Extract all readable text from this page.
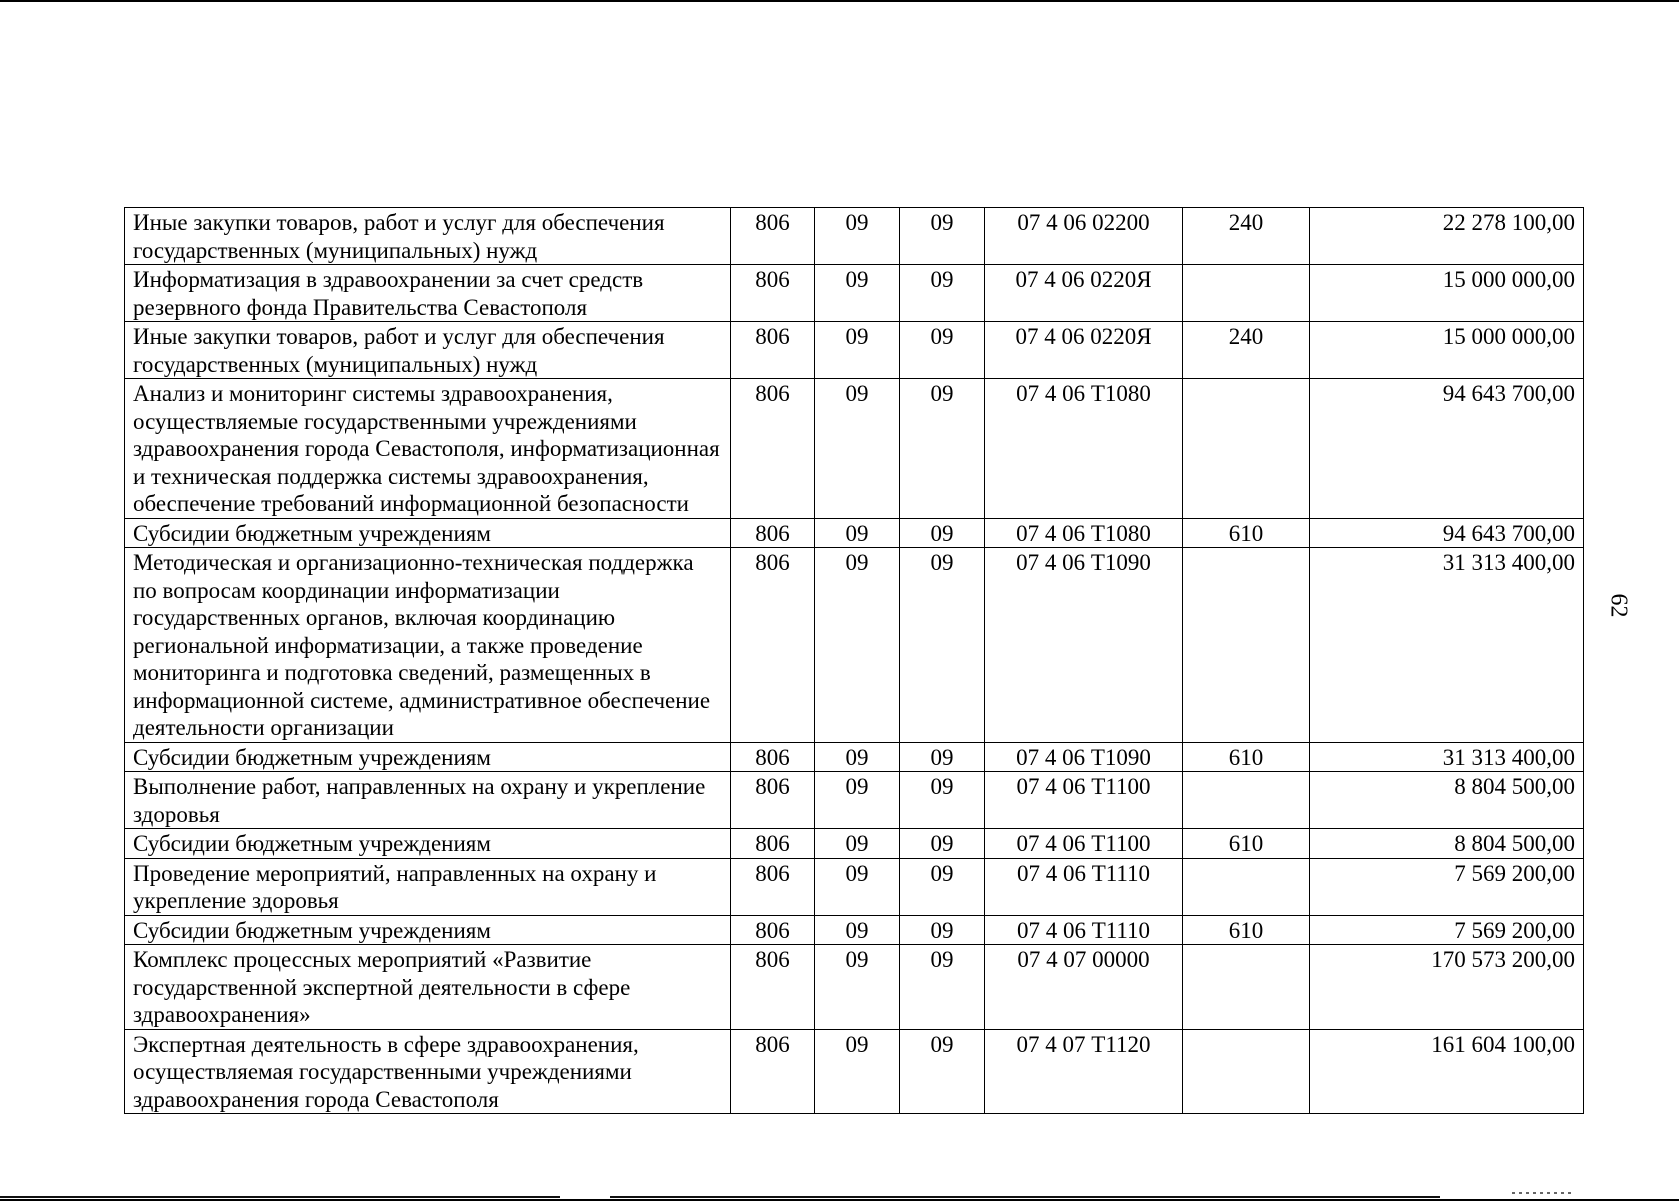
62
Иные закупки товаров, работ и услуг для обеспечения государственных (муниципальных) нужд	806	09	09	07 4 06 02200	240	22 278 100,00
Информатизация в здравоохранении за счет средств резервного фонда Правительства Севастополя	806	09	09	07 4 06 0220Я		15 000 000,00
Иные закупки товаров, работ и услуг для обеспечения государственных (муниципальных) нужд	806	09	09	07 4 06 0220Я	240	15 000 000,00
Анализ и мониторинг системы здравоохранения, осуществляемые государственными учреждениями здравоохранения города Севастополя, информатизационная и техническая поддержка системы здравоохранения, обеспечение требований информационной безопасности	806	09	09	07 4 06 Т1080		94 643 700,00
Субсидии бюджетным учреждениям	806	09	09	07 4 06 Т1080	610	94 643 700,00
Методическая и организационно-техническая поддержка по вопросам координации информатизации государственных органов, включая координацию региональной информатизации, а также проведение мониторинга и подготовка сведений, размещенных в информационной системе, административное обеспечение деятельности организации	806	09	09	07 4 06 Т1090		31 313 400,00
Субсидии бюджетным учреждениям	806	09	09	07 4 06 Т1090	610	31 313 400,00
Выполнение работ, направленных на охрану и укрепление здоровья	806	09	09	07 4 06 Т1100		8 804 500,00
Субсидии бюджетным учреждениям	806	09	09	07 4 06 Т1100	610	8 804 500,00
Проведение мероприятий, направленных на охрану и укрепление здоровья	806	09	09	07 4 06 Т1110		7 569 200,00
Субсидии бюджетным учреждениям	806	09	09	07 4 06 Т1110	610	7 569 200,00
Комплекс процессных мероприятий «Развитие государственной экспертной деятельности в сфере здравоохранения»	806	09	09	07 4 07 00000		170 573 200,00
Экспертная деятельность в сфере здравоохранения, осуществляемая государственными учреждениями здравоохранения города Севастополя	806	09	09	07 4 07 Т1120		161 604 100,00
